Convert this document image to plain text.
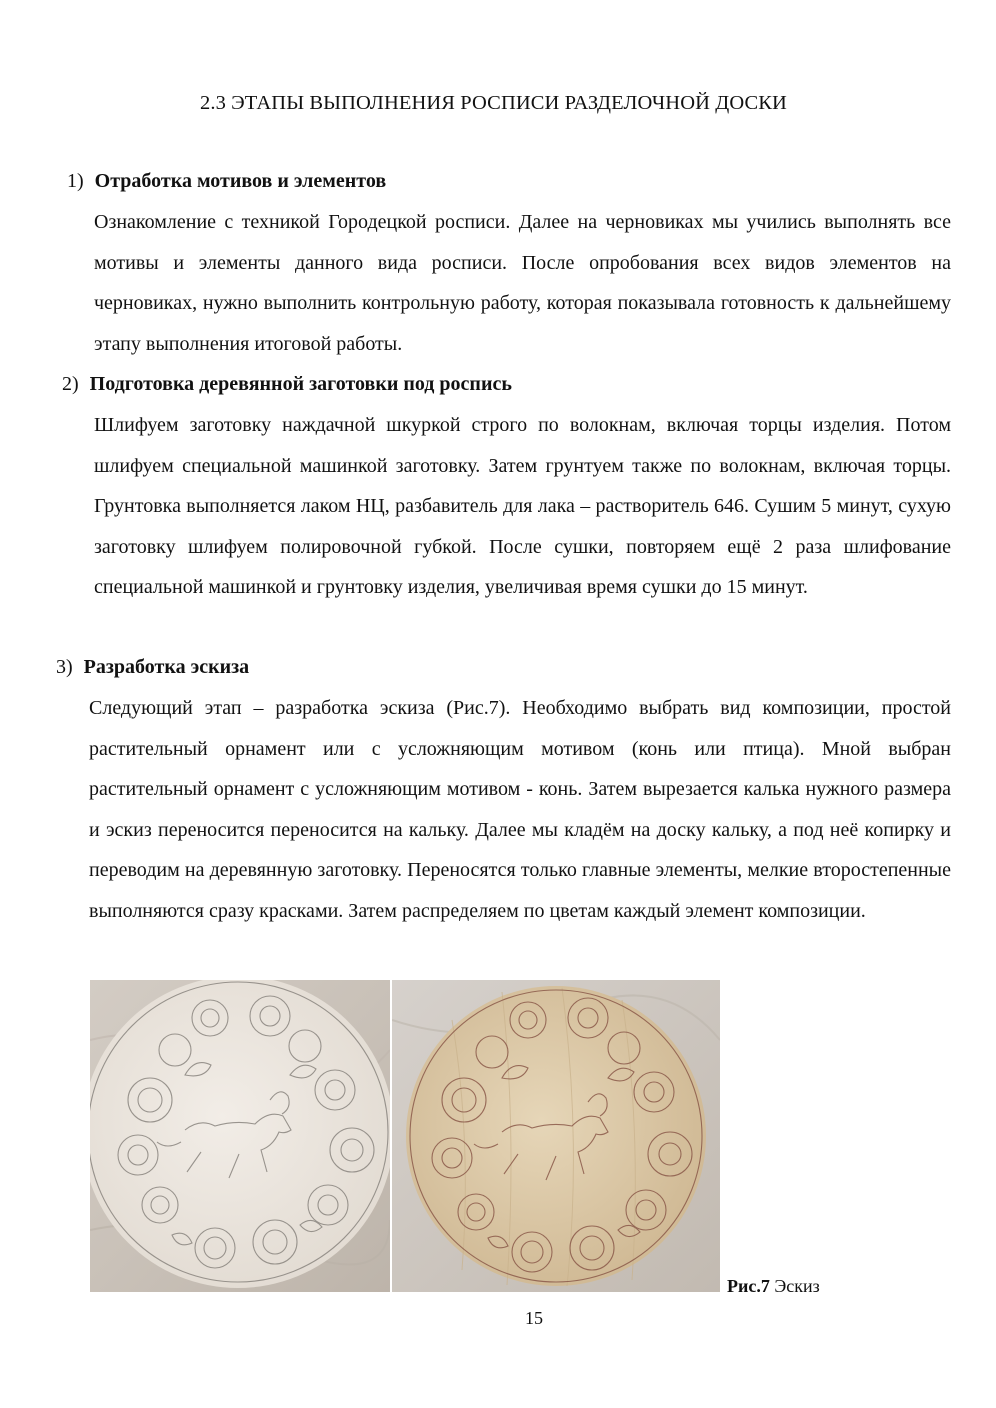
2.3 ЭТАПЫ ВЫПОЛНЕНИЯ РОСПИСИ РАЗДЕЛОЧНОЙ ДОСКИ
1) Отработка мотивов и элементов
Ознакомление с техникой Городецкой росписи. Далее на черновиках мы учились выполнять все мотивы и элементы данного вида росписи. После опробования всех видов элементов на черновиках, нужно выполнить контрольную работу, которая показывала готовность к дальнейшему этапу выполнения итоговой работы.
2) Подготовка деревянной заготовки под роспись
Шлифуем заготовку наждачной шкуркой строго по волокнам, включая торцы изделия. Потом шлифуем специальной машинкой заготовку. Затем грунтуем также по волокнам, включая торцы. Грунтовка выполняется лаком НЦ, разбавитель для лака – растворитель 646. Сушим 5 минут, сухую заготовку шлифуем полировочной губкой. После сушки, повторяем ещё 2 раза шлифование специальной машинкой и грунтовку изделия, увеличивая время сушки до 15 минут.
3) Разработка эскиза
Следующий этап – разработка эскиза (Рис.7). Необходимо выбрать вид композиции, простой растительный орнамент или с усложняющим мотивом (конь или птица). Мной выбран растительный орнамент с усложняющим мотивом - конь. Затем вырезается калька нужного размера и эскиз переносится переносится на кальку. Далее мы кладём на доску кальку, а под неё копирку и переводим на деревянную заготовку. Переносятся только главные элементы, мелкие второстепенные выполняются сразу красками. Затем распределяем по цветам каждый элемент композиции.
Рис.7 Эскиз
15
